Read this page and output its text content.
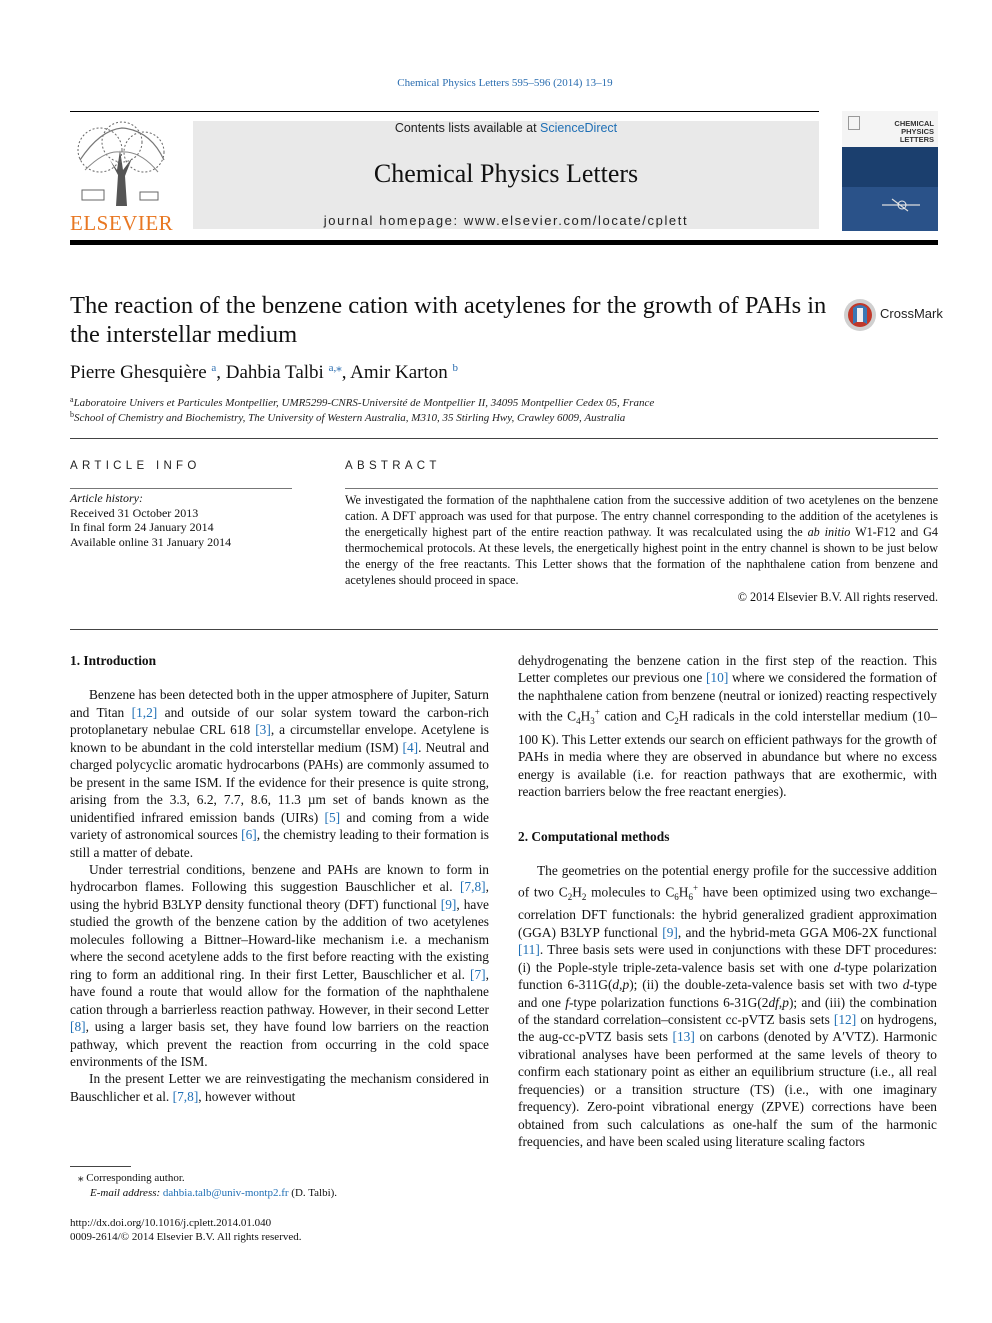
Chemical Physics Letters 595–596 (2014) 13–19
ELSEVIER
Contents lists available at ScienceDirect
Chemical Physics Letters
journal homepage: www.elsevier.com/locate/cplett
CHEMICAL
PHYSICS
LETTERS
The reaction of the benzene cation with acetylenes for the growth of PAHs in the interstellar medium
CrossMark
Pierre Ghesquière $^a$, Dahbia Talbi $^{a,⁎}$, Amir Karton $^b$
$^a$Laboratoire Univers et Particules Montpellier, UMR5299-CNRS-Université de Montpellier II, 34095 Montpellier Cedex 05, France
$^b$School of Chemistry and Biochemistry, The University of Western Australia, M310, 35 Stirling Hwy, Crawley 6009, Australia
ARTICLE INFO
Article history:
Received 31 October 2013
In final form 24 January 2014
Available online 31 January 2014
ABSTRACT
We investigated the formation of the naphthalene cation from the successive addition of two acetylenes on the benzene cation. A DFT approach was used for that purpose. The entry channel corresponding to the addition of the acetylenes is the energetically highest part of the entire reaction pathway. It was recalculated using the ab initio W1-F12 and G4 thermochemical protocols. At these levels, the energetically highest point in the entry channel is shown to be just below the energy of the free reactants. This Letter shows that the formation of the naphthalene cation from benzene and acetylenes should proceed in space.
© 2014 Elsevier B.V. All rights reserved.
1. Introduction

Benzene has been detected both in the upper atmosphere of Jupiter, Saturn and Titan [1,2] and outside of our solar system toward the carbon-rich protoplanetary nebulae CRL 618 [3], a circumstellar envelope. Acetylene is known to be abundant in the cold interstellar medium (ISM) [4]. Neutral and charged polycyclic aromatic hydrocarbons (PAHs) are commonly assumed to be present in the same ISM. If the evidence for their presence is quite strong, arising from the 3.3, 6.2, 7.7, 8.6, 11.3 µm set of bands known as the unidentified infrared emission bands (UIRs) [5] and coming from a wide variety of astronomical sources [6], the chemistry leading to their formation is still a matter of debate.

Under terrestrial conditions, benzene and PAHs are known to form in hydrocarbon flames. Following this suggestion Bauschlicher et al. [7,8], using the hybrid B3LYP density functional theory (DFT) functional [9], have studied the growth of the benzene cation by the addition of two acetylenes molecules following a Bittner–Howard-like mechanism i.e. a mechanism where the second acetylene adds to the first before reacting with the existing ring to form an additional ring. In their first Letter, Bauschlicher et al. [7], have found a route that would allow for the formation of the naphthalene cation through a barrierless reaction pathway. However, in their second Letter [8], using a larger basis set, they have found low barriers on the reaction pathway, which prevent the reaction from occurring in the cold space environments of the ISM.

In the present Letter we are reinvestigating the mechanism considered in Bauschlicher et al. [7,8], however without

dehydrogenating the benzene cation in the first step of the reaction. This Letter completes our previous one [10] where we considered the formation of the naphthalene cation from benzene (neutral or ionized) reacting respectively with the $C_4H_3^+$ cation and $C_2H$ radicals in the cold interstellar medium (10–100 K). This Letter extends our search on efficient pathways for the growth of PAHs in media where they are observed in abundance but where no excess energy is available (i.e. for reaction pathways that are exothermic, with reaction barriers below the free reactant energies).

2. Computational methods

The geometries on the potential energy profile for the successive addition of two $C_2H_2$ molecules to $C_6H_6^+$ have been optimized using two exchange–correlation DFT functionals: the hybrid generalized gradient approximation (GGA) B3LYP functional [9], and the hybrid-meta GGA M06-2X functional [11]. Three basis sets were used in conjunctions with these DFT procedures: (i) the Pople-style triple-zeta-valence basis set with one d-type polarization function 6-311G(d,p); (ii) the double-zeta-valence basis set with two d-type and one f-type polarization functions 6-31G(2df,p); and (iii) the combination of the standard correlation–consistent cc-pVTZ basis sets [12] on hydrogens, the aug-cc-pVTZ basis sets [13] on carbons (denoted by A′VTZ). Harmonic vibrational analyses have been performed at the same levels of theory to confirm each stationary point as either an equilibrium structure (i.e., all real frequencies) or a transition structure (TS) (i.e., with one imaginary frequency). Zero-point vibrational energy (ZPVE) corrections have been obtained from such calculations as one-half the sum of the harmonic frequencies, and have been scaled using literature scaling factors

⁎ Corresponding author.
E-mail address: dahbia.talb@univ-montp2.fr (D. Talbi).
http://dx.doi.org/10.1016/j.cplett.2014.01.040
0009-2614/© 2014 Elsevier B.V. All rights reserved.
